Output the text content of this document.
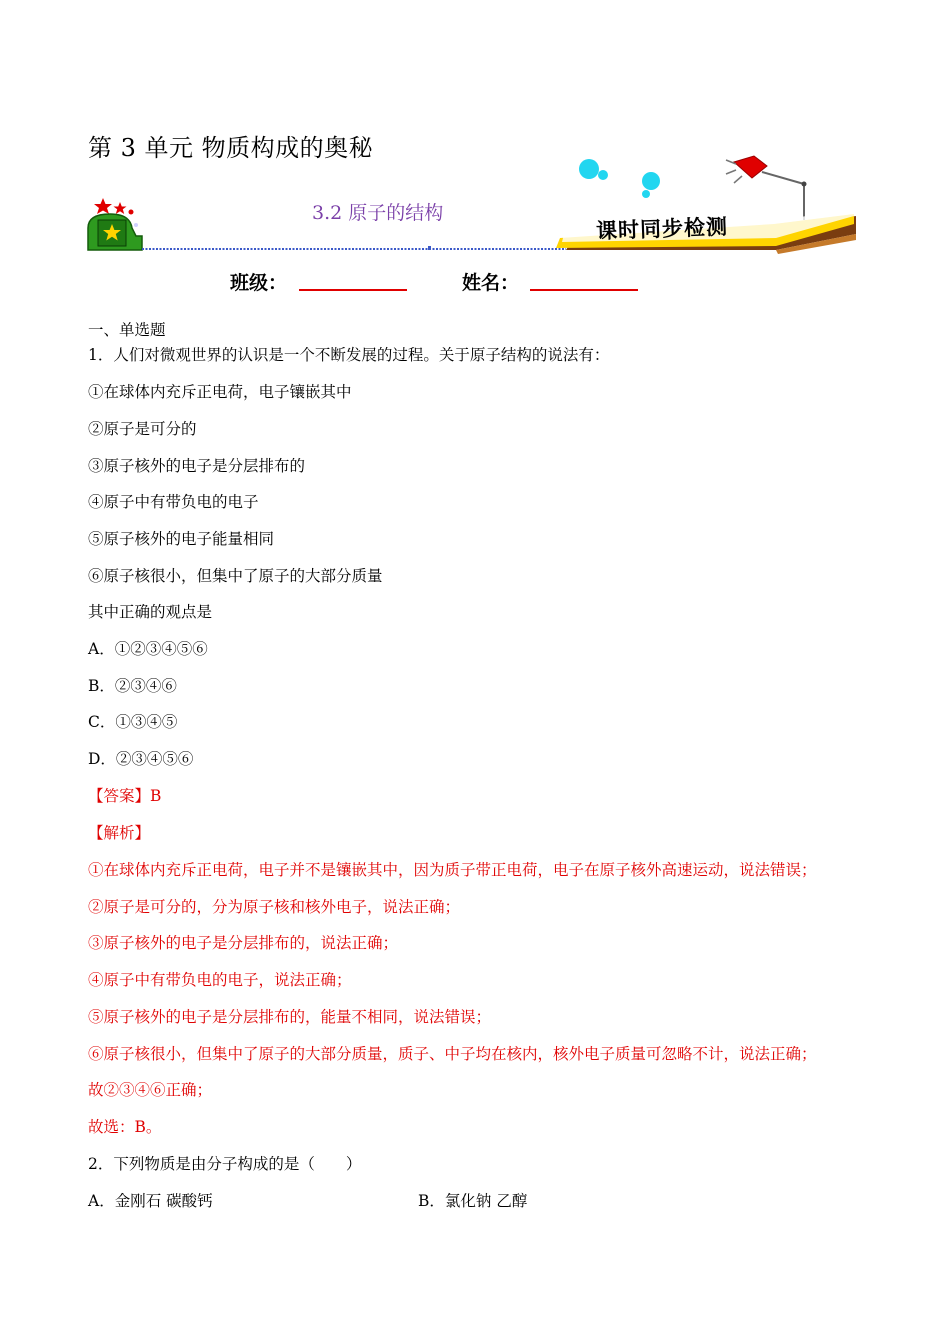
第 3 单元 物质构成的奥秘
3.2 原子的结构
课时同步检测
班级：	姓名：
一、单选题
1．人们对微观世界的认识是一个不断发展的过程。关于原子结构的说法有：
①在球体内充斥正电荷，电子镶嵌其中
②原子是可分的
③原子核外的电子是分层排布的
④原子中有带负电的电子
⑤原子核外的电子能量相同
⑥原子核很小，但集中了原子的大部分质量
其中正确的观点是
A．①②③④⑤⑥
B．②③④⑥
C．①③④⑤
D．②③④⑤⑥
【答案】B
【解析】
①在球体内充斥正电荷，电子并不是镶嵌其中，因为质子带正电荷，电子在原子核外高速运动，说法错误；
②原子是可分的，分为原子核和核外电子，说法正确；
③原子核外的电子是分层排布的，说法正确；
④原子中有带负电的电子，说法正确；
⑤原子核外的电子是分层排布的，能量不相同，说法错误；
⑥原子核很小，但集中了原子的大部分质量，质子、中子均在核内，核外电子质量可忽略不计，说法正确；
故②③④⑥正确；
故选：B。
2．下列物质是由分子构成的是（　　）
A．金刚石 碳酸钙	B．氯化钠 乙醇
